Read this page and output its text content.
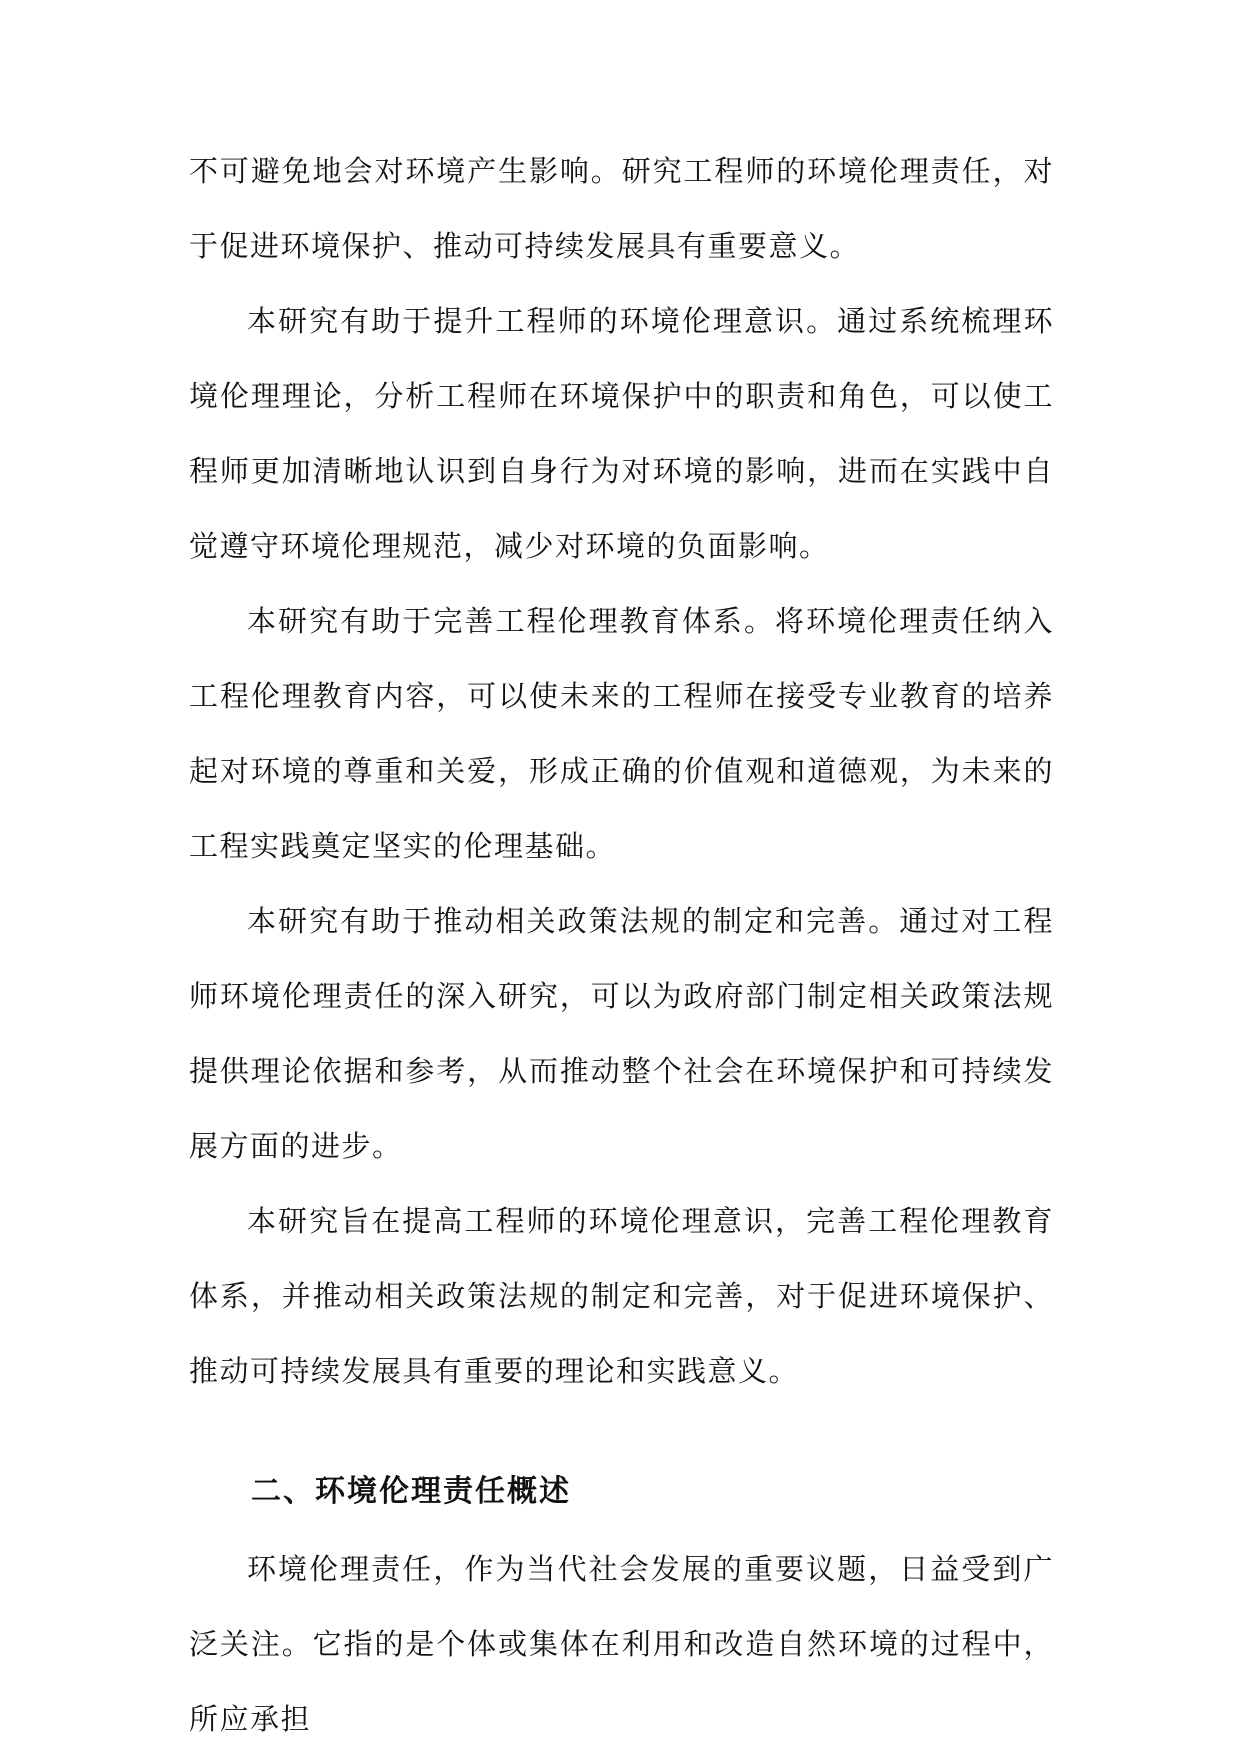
不可避免地会对环境产生影响。研究工程师的环境伦理责任，对于促进环境保护、推动可持续发展具有重要意义。

本研究有助于提升工程师的环境伦理意识。通过系统梳理环境伦理理论，分析工程师在环境保护中的职责和角色，可以使工程师更加清晰地认识到自身行为对环境的影响，进而在实践中自觉遵守环境伦理规范，减少对环境的负面影响。

本研究有助于完善工程伦理教育体系。将环境伦理责任纳入工程伦理教育内容，可以使未来的工程师在接受专业教育的培养起对环境的尊重和关爱，形成正确的价值观和道德观，为未来的工程实践奠定坚实的伦理基础。

本研究有助于推动相关政策法规的制定和完善。通过对工程师环境伦理责任的深入研究，可以为政府部门制定相关政策法规提供理论依据和参考，从而推动整个社会在环境保护和可持续发展方面的进步。

本研究旨在提高工程师的环境伦理意识，完善工程伦理教育体系，并推动相关政策法规的制定和完善，对于促进环境保护、推动可持续发展具有重要的理论和实践意义。

二、环境伦理责任概述

环境伦理责任，作为当代社会发展的重要议题，日益受到广泛关注。它指的是个体或集体在利用和改造自然环境的过程中，所应承担
